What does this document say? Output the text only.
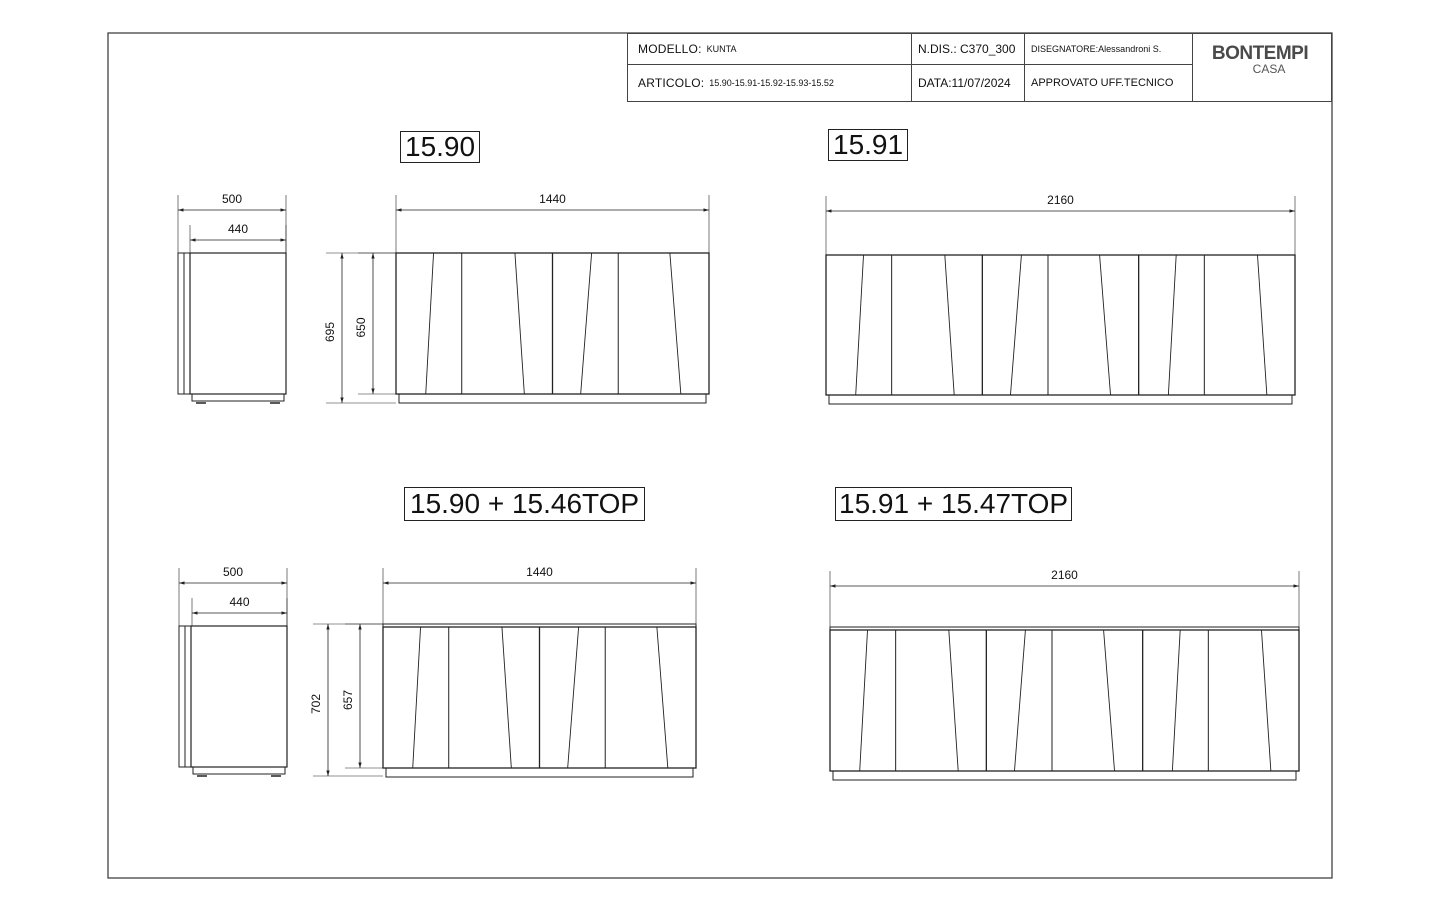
500
440
1440
695 650
2160
500
440
1440
702 657
2160
MODELLO: KUNTA
ARTICOLO: 15.90-15.91-15.92-15.93-15.52
N.DIS.: C370_300
DATA:11/07/2024
DISEGNATORE:Alessandroni S.
APPROVATO UFF.TECNICO
BONTEMPI
CASA
15.90	15.91
15.90 + 15.46TOP	15.91 + 15.47TOP
